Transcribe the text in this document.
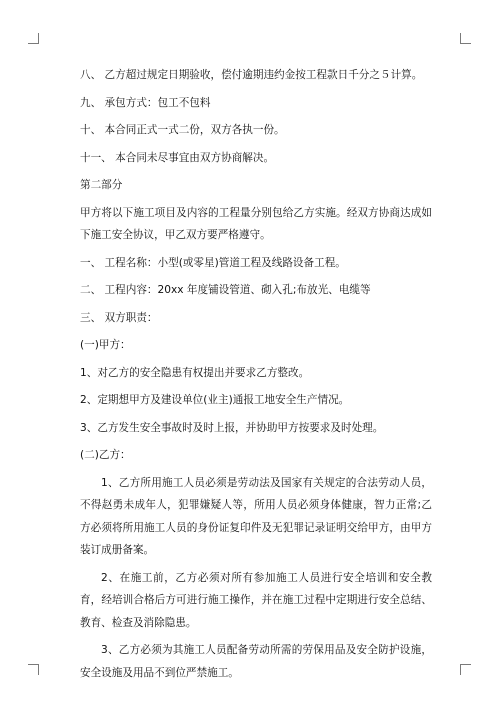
八、 乙方超过规定日期验收，偿付逾期违约金按工程款日千分之５计算。

九、 承包方式：包工不包料

十、 本合同正式一式二份，双方各执一份。

十一、 本合同未尽事宜由双方协商解决。

第二部分

甲方将以下施工项目及内容的工程量分别包给乙方实施。经双方协商达成如下施工安全协议，甲乙双方要严格遵守。

一、 工程名称：小型(或零星)管道工程及线路设备工程。

二、 工程内容：20xx 年度铺设管道、砌入孔;布放光、电缆等

三、 双方职责：

(一)甲方：

1、对乙方的安全隐患有权提出并要求乙方整改。

2、定期想甲方及建设单位(业主)通报工地安全生产情况。

3、乙方发生安全事故时及时上报，并协助甲方按要求及时处理。

(二)乙方：

1、乙方所用施工人员必须是劳动法及国家有关规定的合法劳动人员，不得赵勇未成年人，犯罪嫌疑人等，所用人员必须身体健康，智力正常;乙方必须将所用施工人员的身份证复印件及无犯罪记录证明交给甲方，由甲方装订成册备案。

2、在施工前，乙方必须对所有参加施工人员进行安全培训和安全教育，经培训合格后方可进行施工操作，并在施工过程中定期进行安全总结、教育、检查及消除隐患。

3、乙方必须为其施工人员配备劳动所需的劳保用品及安全防护设施，安全设施及用品不到位严禁施工。
